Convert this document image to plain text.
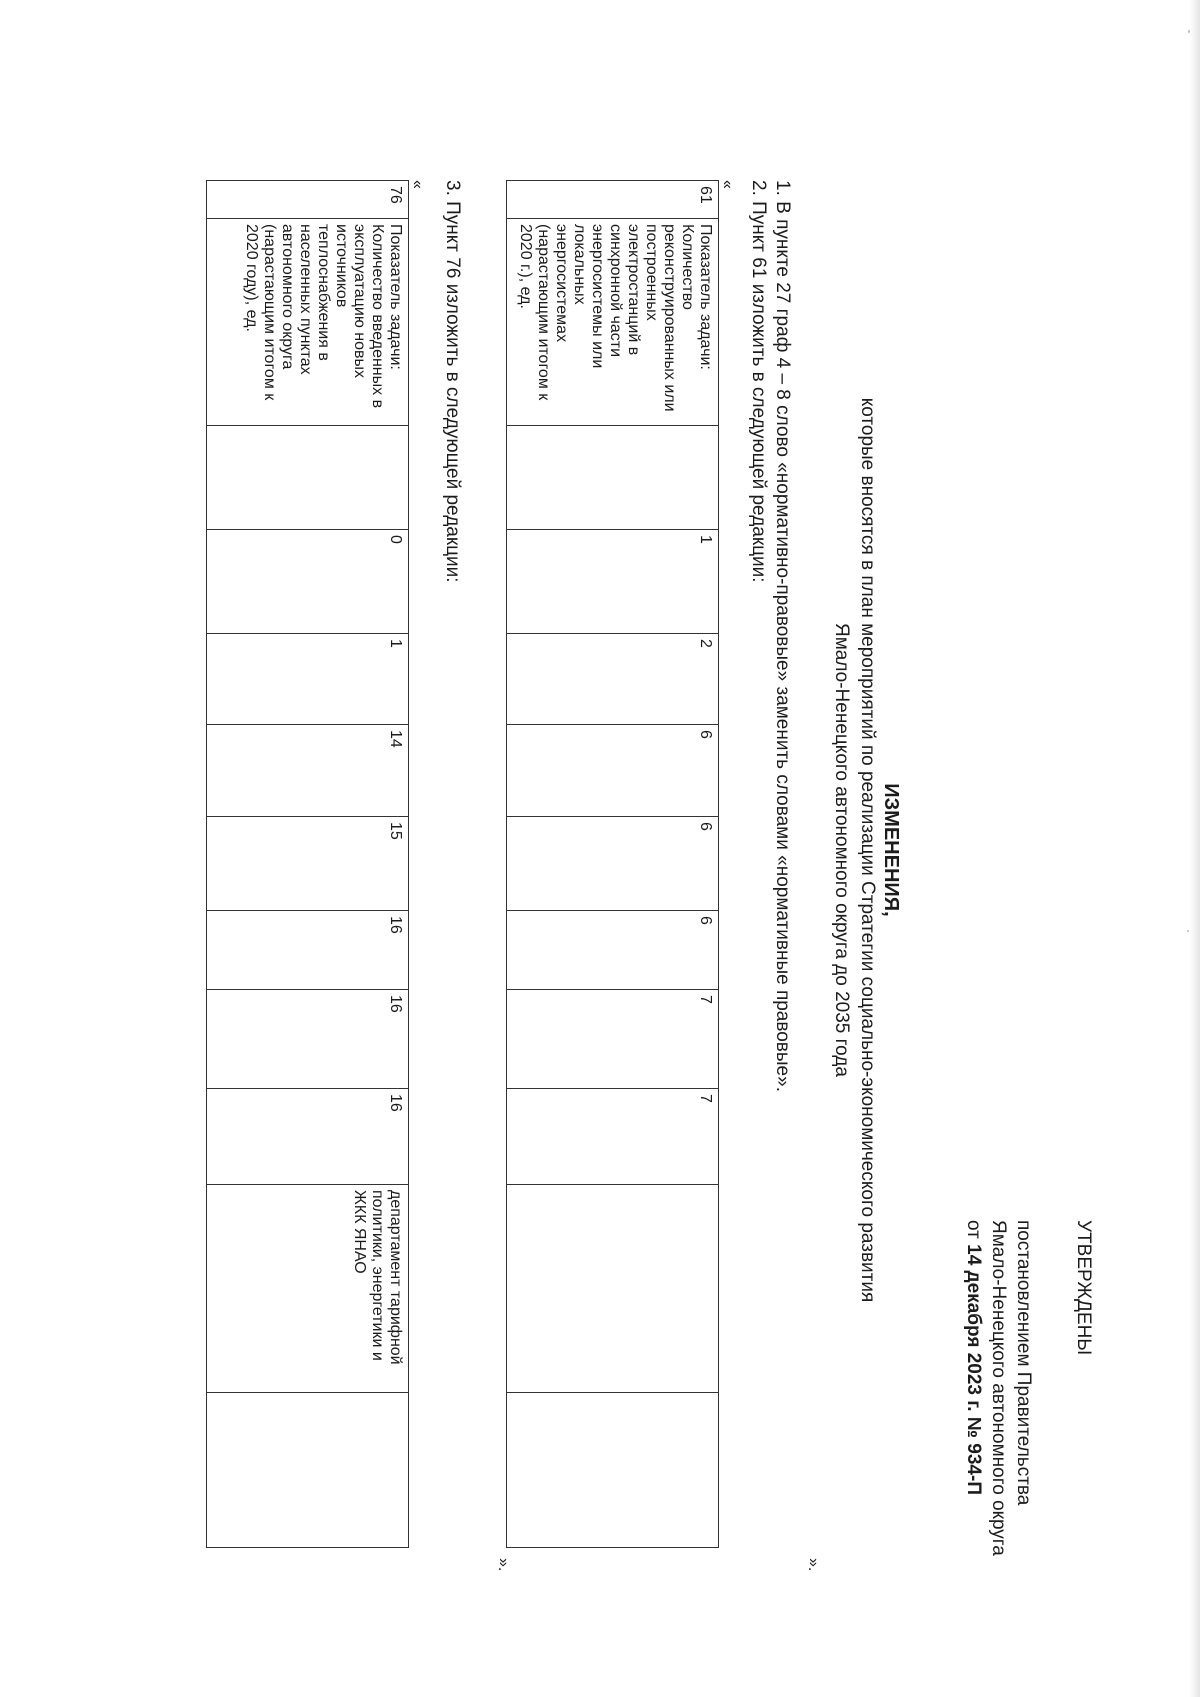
УТВЕРЖДЕНЫ

постановлением Правительства

Ямало-Ненецкого автономного округа

от 14 декабря 2023 г. № 934-П

ИЗМЕНЕНИЯ,
которые вносятся в план мероприятий по реализации Стратегии социально-экономического развития
Ямало-Ненецкого автономного округа до 2035 года
1. В пункте 27 граф 4 – 8 слово «нормативно-правовые» заменить словами «нормативные правовые».
2. Пункт 61 изложить в следующей редакции:
«
61	Показатель задачи: Количество реконструированных или построенных электростанций в синхронной части энергосистемы или локальных энергосистемах (нарастающим итогом к 2020 г.), ед.		1	2	6	6	6	7	7		
».
3. Пункт 76 изложить в следующей редакции:
«
76	Показатель задачи: Количество введенных в эксплуатацию новых источников теплоснабжения в населенных пунктах автономного округа (нарастающим итогом к 2020 году), ед.		0	1	14	15	16	16	16	департамент тарифной политики, энергетики и ЖКК ЯНАО	
».
